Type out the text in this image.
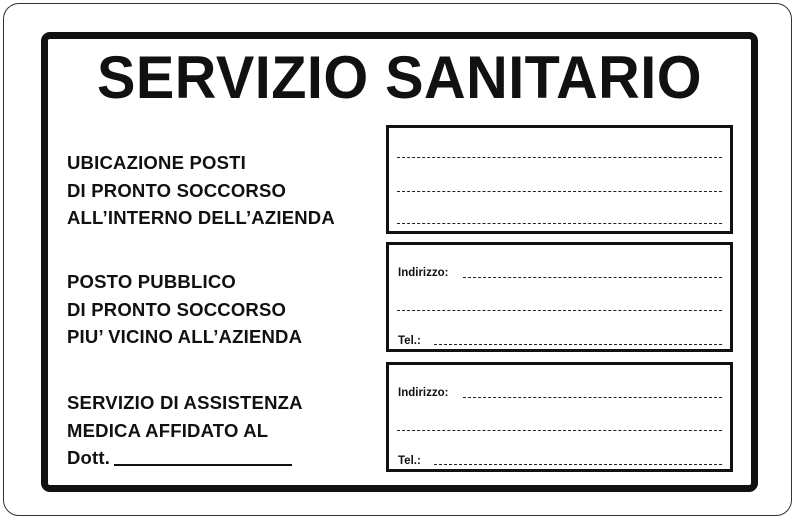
SERVIZIO SANITARIO
UBICAZIONE POSTI
DI PRONTO SOCCORSO
ALL’INTERNO DELL’AZIENDA
POSTO PUBBLICO
DI PRONTO SOCCORSO
PIU’ VICINO ALL’AZIENDA
Indirizzo:
Tel.:
SERVIZIO DI ASSISTENZA
MEDICA AFFIDATO AL
Dott.
Indirizzo:
Tel.:
